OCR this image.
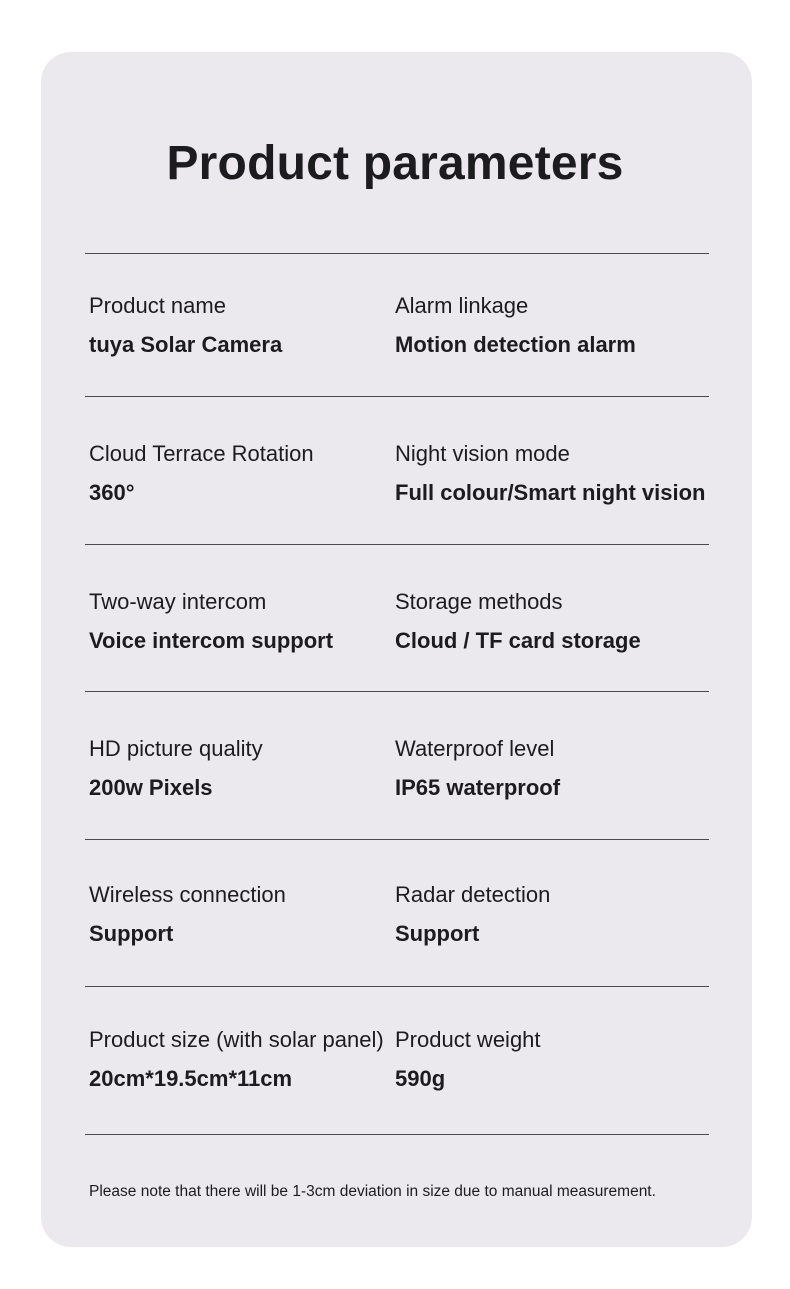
Product parameters
Product name
tuya Solar Camera
Alarm linkage
Motion detection alarm
Cloud Terrace Rotation
360°
Night vision mode
Full colour/Smart night vision
Two-way intercom
Voice intercom support
Storage methods
Cloud / TF card storage
HD picture quality
200w Pixels
Waterproof level
IP65 waterproof
Wireless connection
Support
Radar detection
Support
Product size (with solar panel)
20cm*19.5cm*11cm
Product weight
590g
Please note that there will be 1-3cm deviation in size due to manual measurement.
